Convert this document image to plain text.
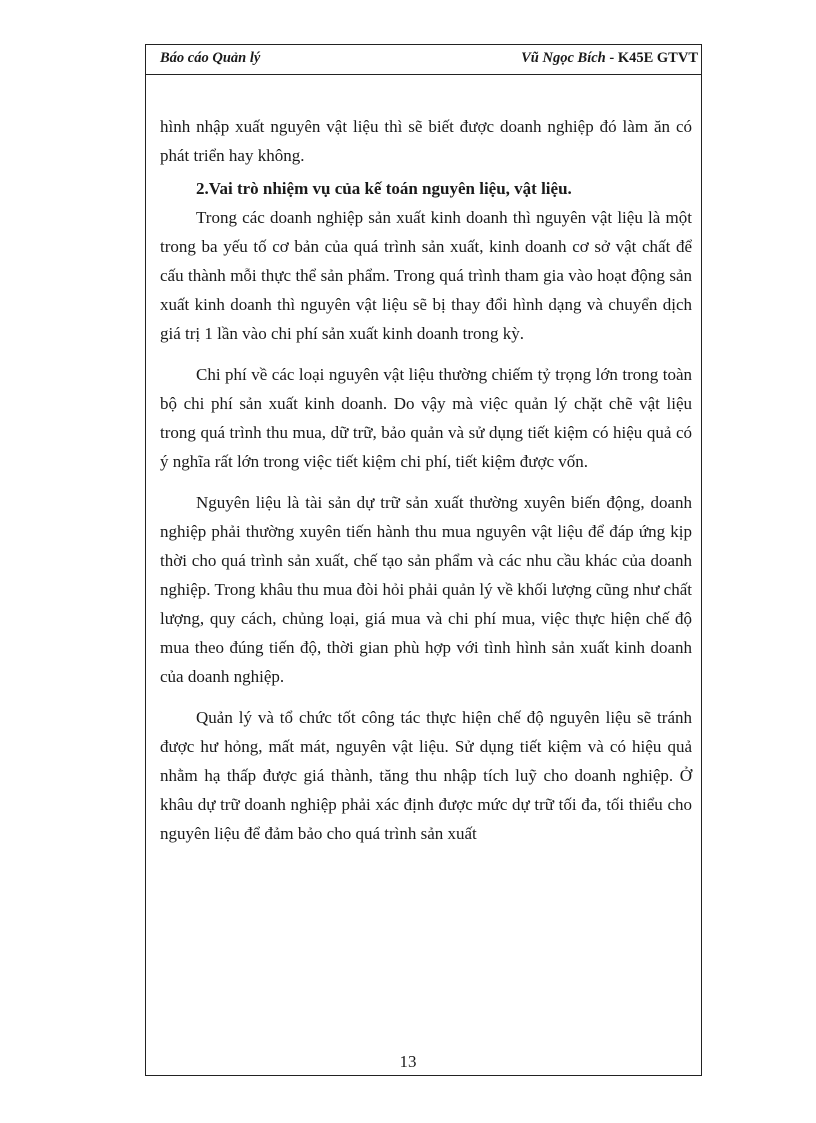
Báo cáo Quản lý	Vũ Ngọc Bích - K45E GTVT

hình nhập xuất nguyên vật liệu thì sẽ biết được doanh nghiệp đó làm ăn có phát triển hay không.

2.Vai trò nhiệm vụ của kế toán nguyên liệu, vật liệu.

Trong các doanh nghiệp sản xuất kinh doanh thì nguyên vật liệu là một trong ba yếu tố cơ bản của quá trình sản xuất, kinh doanh cơ sở vật chất để cấu thành mỗi thực thể sản phẩm. Trong quá trình tham gia vào hoạt động sản xuất kinh doanh thì nguyên vật liệu sẽ bị thay đổi hình dạng và chuyển dịch giá trị 1 lần vào chi phí sản xuất kinh doanh trong kỳ.

Chi phí về các loại nguyên vật liệu thường chiếm tỷ trọng lớn trong toàn bộ chi phí sản xuất kinh doanh. Do vậy mà việc quản lý chặt chẽ vật liệu trong quá trình thu mua, dữ trữ, bảo quản và sử dụng tiết kiệm có hiệu quả có ý nghĩa rất lớn trong việc tiết kiệm chi phí, tiết kiệm được vốn.

Nguyên liệu là tài sản dự trữ sản xuất thường xuyên biến động, doanh nghiệp phải thường xuyên tiến hành thu mua nguyên vật liệu để đáp ứng kịp thời cho quá trình sản xuất, chế tạo sản phẩm và các nhu cầu khác của doanh nghiệp. Trong khâu thu mua đòi hỏi phải quản lý về khối lượng cũng như chất lượng, quy cách, chủng loại, giá mua và chi phí mua, việc thực hiện chế độ mua theo đúng tiến độ, thời gian phù hợp với tình hình sản xuất kinh doanh của doanh nghiệp.

Quản lý và tổ chức tốt công tác thực hiện chế độ nguyên liệu sẽ tránh được hư hỏng, mất mát, nguyên vật liệu. Sử dụng tiết kiệm và có hiệu quả nhằm hạ thấp được giá thành, tăng thu nhập tích luỹ cho doanh nghiệp. Ở khâu dự trữ doanh nghiệp phải xác định được mức dự trữ tối đa, tối thiểu cho nguyên liệu để đảm bảo cho quá trình sản xuất

13
